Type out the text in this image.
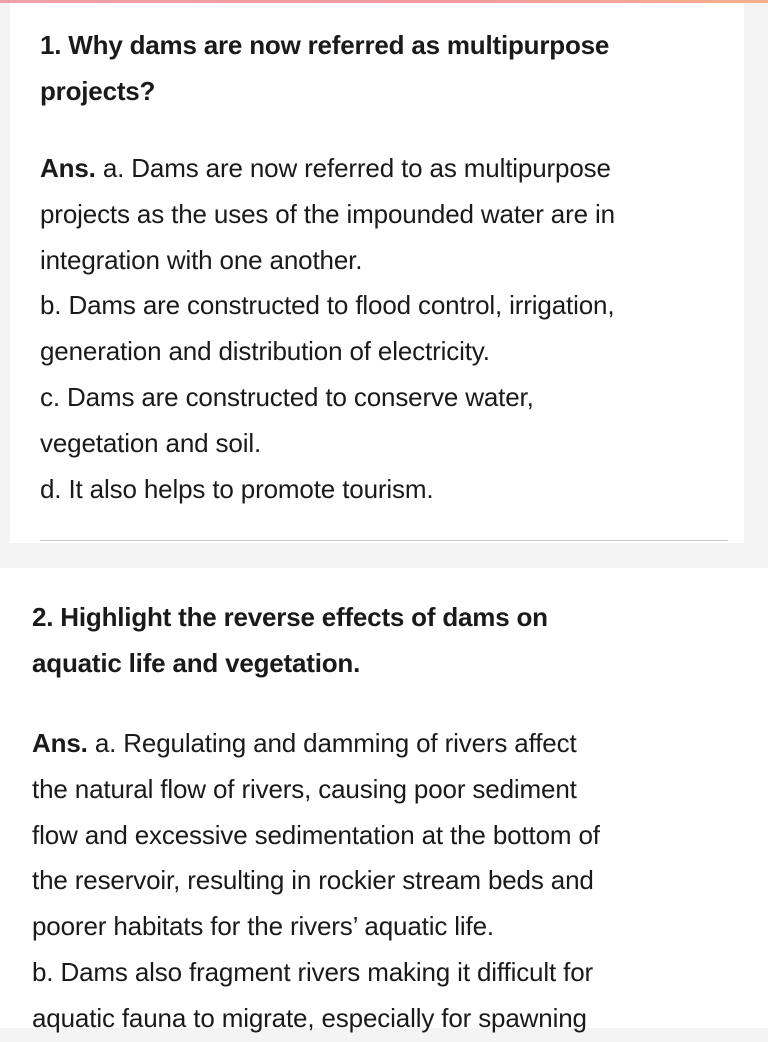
1. Why dams are now referred as multipurpose
projects?

Ans. a. Dams are now referred to as multipurpose
projects as the uses of the impounded water are in
integration with one another.
b. Dams are constructed to flood control, irrigation,
generation and distribution of electricity.
c. Dams are constructed to conserve water,
vegetation and soil.
d. It also helps to promote tourism.

2. Highlight the reverse effects of dams on
aquatic life and vegetation.

Ans. a. Regulating and damming of rivers affect
the natural flow of rivers, causing poor sediment
flow and excessive sedimentation at the bottom of
the reservoir, resulting in rockier stream beds and
poorer habitats for the rivers’ aquatic life.
b. Dams also fragment rivers making it difficult for
aquatic fauna to migrate, especially for spawning
